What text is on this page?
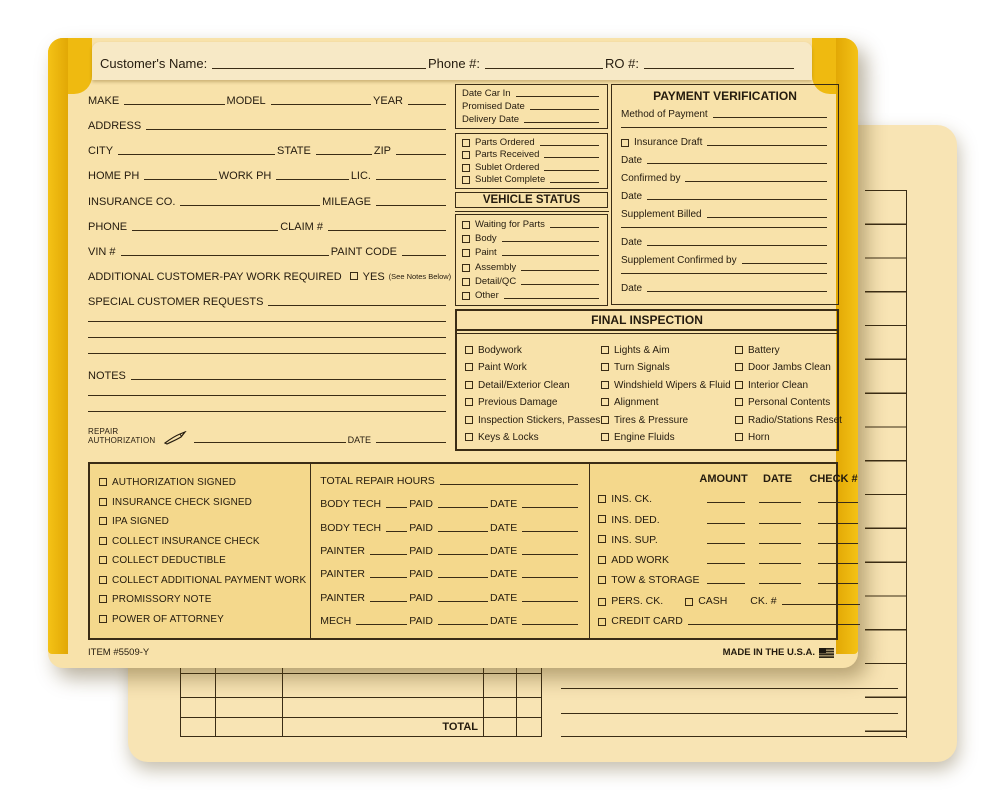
TOTAL
Customer's Name:	Phone #:	RO #:
MAKE	MODEL	YEAR
ADDRESS
CITY	STATE	ZIP
HOME PH	WORK PH	LIC.
INSURANCE CO.	MILEAGE
PHONE	CLAIM #
VIN #	PAINT CODE
ADDITIONAL CUSTOMER-PAY WORK REQUIRED YES (See Notes Below)
SPECIAL CUSTOMER REQUESTS
NOTES
REPAIR
AUTHORIZATION	DATE
Date Car In
Promised Date
Delivery Date
Parts Ordered
Parts Received
Sublet Ordered
Sublet Complete
VEHICLE STATUS
Waiting for Parts
Body
Paint
Assembly
Detail/QC
Other
PAYMENT VERIFICATION
Method of Payment
Insurance Draft
Date
Confirmed by
Date
Supplement Billed
Date
Supplement Confirmed by
Date
FINAL INSPECTION
Bodywork
Paint Work
Detail/Exterior Clean
Previous Damage
Inspection Stickers, Passes
Keys & Locks
Lights & Aim
Turn Signals
Windshield Wipers & Fluid
Alignment
Tires & Pressure
Engine Fluids
Battery
Door Jambs Clean
Interior Clean
Personal Contents
Radio/Stations Reset
Horn
AUTHORIZATION SIGNED
INSURANCE CHECK SIGNED
IPA SIGNED
COLLECT INSURANCE CHECK
COLLECT DEDUCTIBLE
COLLECT ADDITIONAL PAYMENT WORK
PROMISSORY NOTE
POWER OF ATTORNEY
TOTAL REPAIR HOURS
BODY TECH	PAID	DATE
BODY TECH	PAID	DATE
PAINTER	PAID	DATE
PAINTER	PAID	DATE
PAINTER	PAID	DATE
MECH	PAID	DATE
AMOUNT	DATE	CHECK #
INS. CK.
INS. DED.
INS. SUP.
ADD WORK
TOW & STORAGE
PERS. CK.	CASH CK. #
CREDIT CARD
ITEM #5509-Y	MADE IN THE U.S.A.
